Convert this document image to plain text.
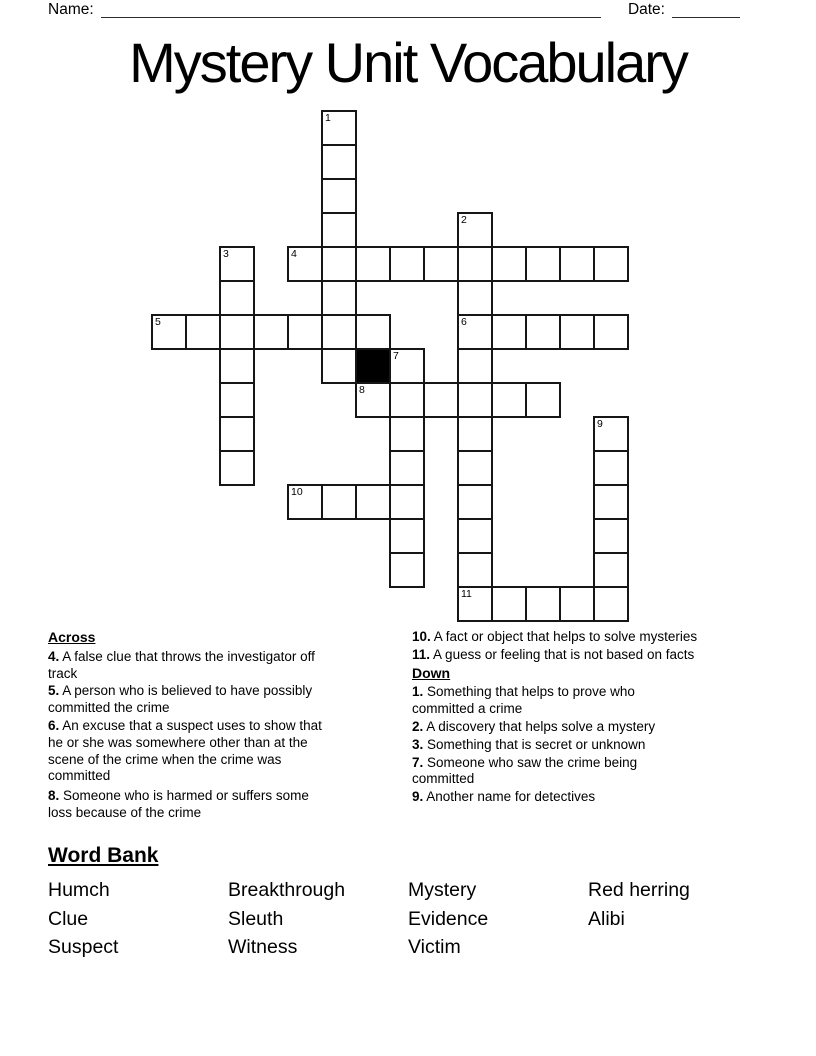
Name:	Date:
Mystery Unit Vocabulary
1
2
3	4
5	6
7
8
9
10
11

Across

4. A false clue that throws the investigator off track

5. A person who is believed to have possibly committed the crime

6. An excuse that a suspect uses to show that he or she was somewhere other than at the scene of the crime when the crime was committed

8. Someone who is harmed or suffers some loss because of the crime

10. A fact or object that helps to solve mysteries

11. A guess or feeling that is not based on facts

Down

1. Something that helps to prove who committed a crime

2. A discovery that helps solve a mystery

3. Something that is secret or unknown

7. Someone who saw the crime being committed

9. Another name for detectives

Word Bank

Humch
Clue
Suspect
Breakthrough
Sleuth
Witness
Mystery
Evidence
Victim
Red herring
Alibi
